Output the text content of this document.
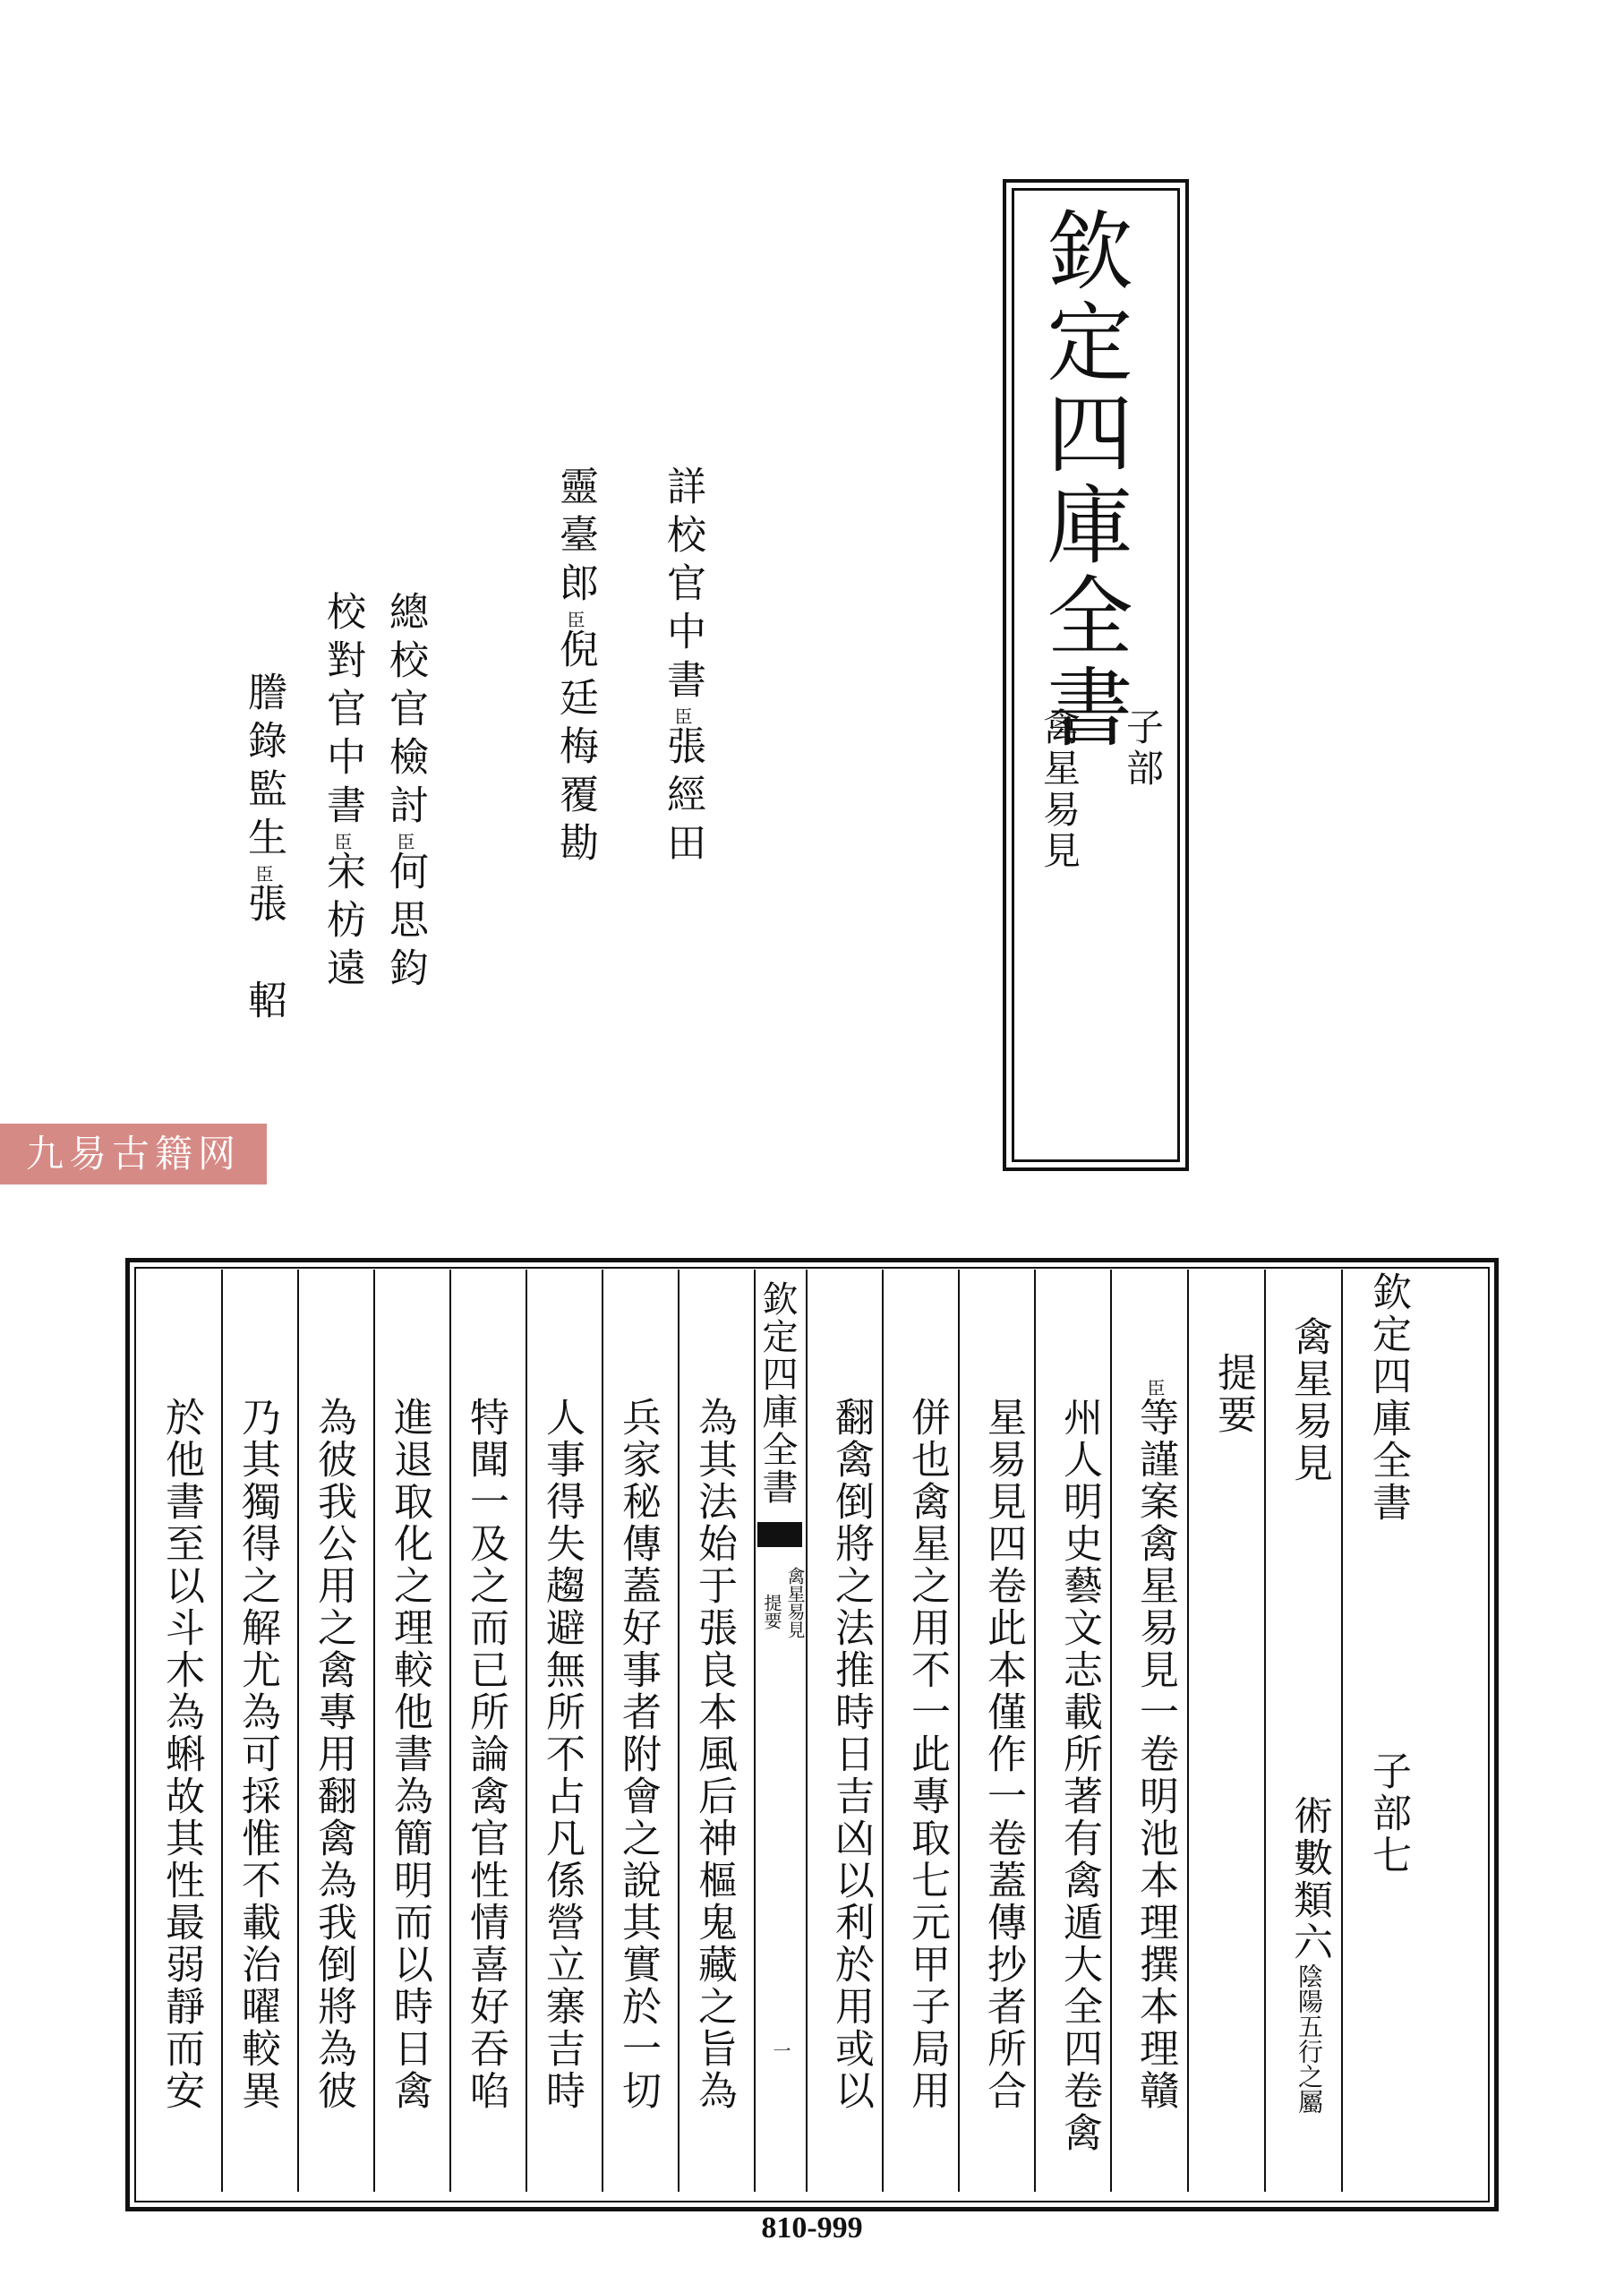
欽定四庫全書
子部
禽星易見
詳校官中書臣張經田
靈臺郎臣倪廷梅覆勘
總校官檢討臣何思鈞
校對官中書臣宋枋遠
謄錄監生臣張　軺
九易古籍网
欽定四庫全書
子部七
禽星易見
術數類六陰陽五行之屬
提要
臣等謹案禽星易見一卷明池本理撰本理贛
州人明史藝文志載所著有禽遁大全四卷禽
星易見四卷此本僅作一卷蓋傳抄者所合
併也禽星之用不一此專取七元甲子局用
翻禽倒將之法推時日吉凶以利於用或以
欽定四庫全書
禽星易見
提要
一
為其法始于張良本風后神樞鬼藏之旨為
兵家秘傳蓋好事者附會之說其實於一切
人事得失趨避無所不占凡係營立寨吉時
特聞一及之而已所論禽官性情喜好吞啗
進退取化之理較他書為簡明而以時日禽
為彼我公用之禽專用翻禽為我倒將為彼
乃其獨得之解尤為可採惟不載治曜較異
於他書至以斗木為蝌故其性最弱靜而安
810-999
